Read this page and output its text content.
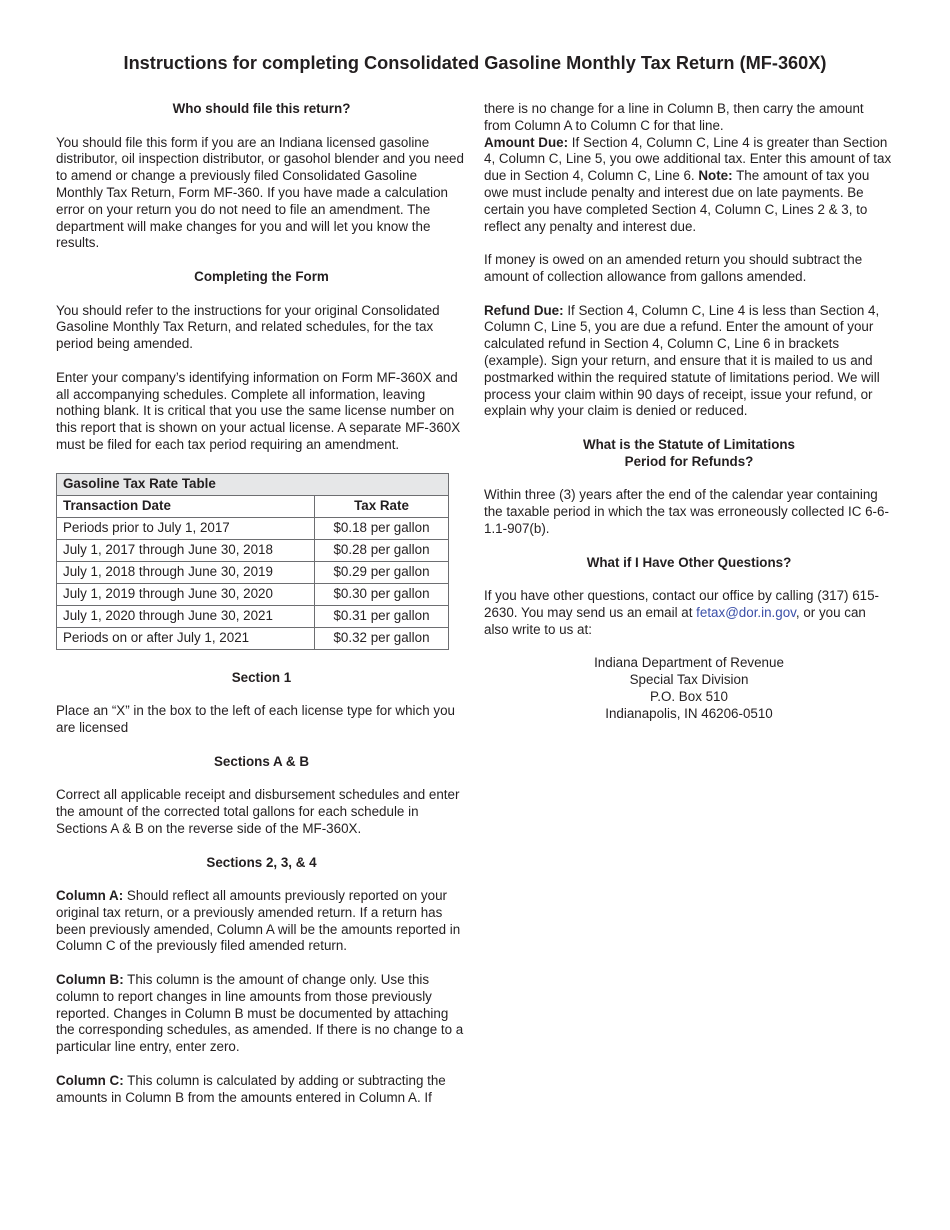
Instructions for completing Consolidated Gasoline Monthly Tax Return (MF-360X)
Who should file this return?

You should file this form if you are an Indiana licensed gasoline distributor, oil inspection distributor, or gasohol blender and you need to amend or change a previously filed Consolidated Gasoline Monthly Tax Return, Form MF-360. If you have made a calculation error on your return you do not need to file an amendment. The department will make changes for you and will let you know the results.

Completing the Form

You should refer to the instructions for your original Consolidated Gasoline Monthly Tax Return, and related schedules, for the tax period being amended.

Enter your company’s identifying information on Form MF-360X and all accompanying schedules. Complete all information, leaving nothing blank. It is critical that you use the same license number on this report that is shown on your actual license. A separate MF-360X must be filed for each tax period requiring an amendment.

Gasoline Tax Rate Table	
Transaction Date	Tax Rate
Periods prior to July 1, 2017	$0.18 per gallon
July 1, 2017 through June 30, 2018	$0.28 per gallon
July 1, 2018 through June 30, 2019	$0.29 per gallon
July 1, 2019 through June 30, 2020	$0.30 per gallon
July 1, 2020 through June 30, 2021	$0.31 per gallon
Periods on or after July 1, 2021	$0.32 per gallon
Section 1

Place an “X” in the box to the left of each license type for which you are licensed

Sections A & B

Correct all applicable receipt and disbursement schedules and enter the amount of the corrected total gallons for each schedule in Sections A & B on the reverse side of the MF-360X.

Sections 2, 3, & 4

Column A: Should reflect all amounts previously reported on your original tax return, or a previously amended return. If a return has been previously amended, Column A will be the amounts reported in Column C of the previously filed amended return.

Column B: This column is the amount of change only. Use this column to report changes in line amounts from those previously reported. Changes in Column B must be documented by attaching the corresponding schedules, as amended. If there is no change to a particular line entry, enter zero.

Column C: This column is calculated by adding or subtracting the amounts in Column B from the amounts entered in Column A. If

there is no change for a line in Column B, then carry the amount from Column A to Column C for that line.

Amount Due: If Section 4, Column C, Line 4 is greater than Section 4, Column C, Line 5, you owe additional tax. Enter this amount of tax due in Section 4, Column C, Line 6. Note: The amount of tax you owe must include penalty and interest due on late payments. Be certain you have completed Section 4, Column C, Lines 2 & 3, to reflect any penalty and interest due.

If money is owed on an amended return you should subtract the amount of collection allowance from gallons amended.

Refund Due: If Section 4, Column C, Line 4 is less than Section 4, Column C, Line 5, you are due a refund. Enter the amount of your calculated refund in Section 4, Column C, Line 6 in brackets (example). Sign your return, and ensure that it is mailed to us and postmarked within the required statute of limitations period. We will process your claim within 90 days of receipt, issue your refund, or explain why your claim is denied or reduced.

What is the Statute of Limitations
Period for Refunds?

Within three (3) years after the end of the calendar year containing the taxable period in which the tax was erroneously collected IC 6-6-1.1-907(b).

What if I Have Other Questions?

If you have other questions, contact our office by calling (317) 615-2630. You may send us an email at fetax@dor.in.gov, or you can also write to us at:

Indiana Department of Revenue
Special Tax Division
P.O. Box 510
Indianapolis, IN 46206-0510
